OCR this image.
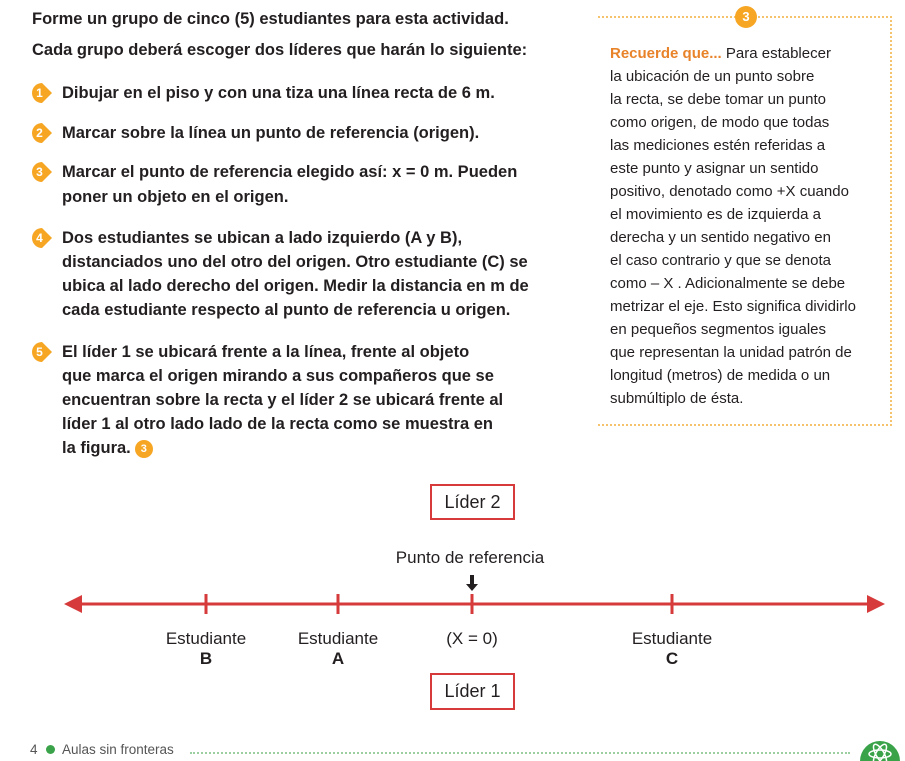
Forme un grupo de cinco (5) estudiantes para esta actividad.
Cada grupo deberá escoger dos líderes que harán lo siguiente:
1 Dibujar en el piso y con una tiza una línea recta de 6 m.
2 Marcar sobre la línea un punto de referencia (origen).
3 Marcar el punto de referencia elegido así: x = 0 m. Pueden
poner un objeto en el origen.
4 Dos estudiantes se ubican a lado izquierdo (A y B),
distanciados uno del otro del origen. Otro estudiante (C) se
ubica al lado derecho del origen. Medir la distancia en m de
cada estudiante respecto al punto de referencia u origen.
5 El líder 1 se ubicará frente a la línea, frente al objeto
que marca el origen mirando a sus compañeros que se
encuentran sobre la recta y el líder 2 se ubicará frente al
líder 1 al otro lado lado de la recta como se muestra en
la figura. 3
3
Recuerde que... Para establecer
la ubicación de un punto sobre
la recta, se debe tomar un punto
como origen, de modo que todas
las mediciones estén referidas a
este punto y asignar un sentido
positivo, denotado como +X cuando
el movimiento es de izquierda a
derecha y un sentido negativo en
el caso contrario y que se denota
como – X . Adicionalmente se debe
metrizar el eje. Esto significa dividirlo
en pequeños segmentos iguales
que representan la unidad patrón de
longitud (metros) de medida o un
submúltiplo de ésta.
Líder 2
Punto de referencia
Estudiante
B
Estudiante
A
(X = 0)	Estudiante
C
Líder 1
4 Aulas sin fronteras
